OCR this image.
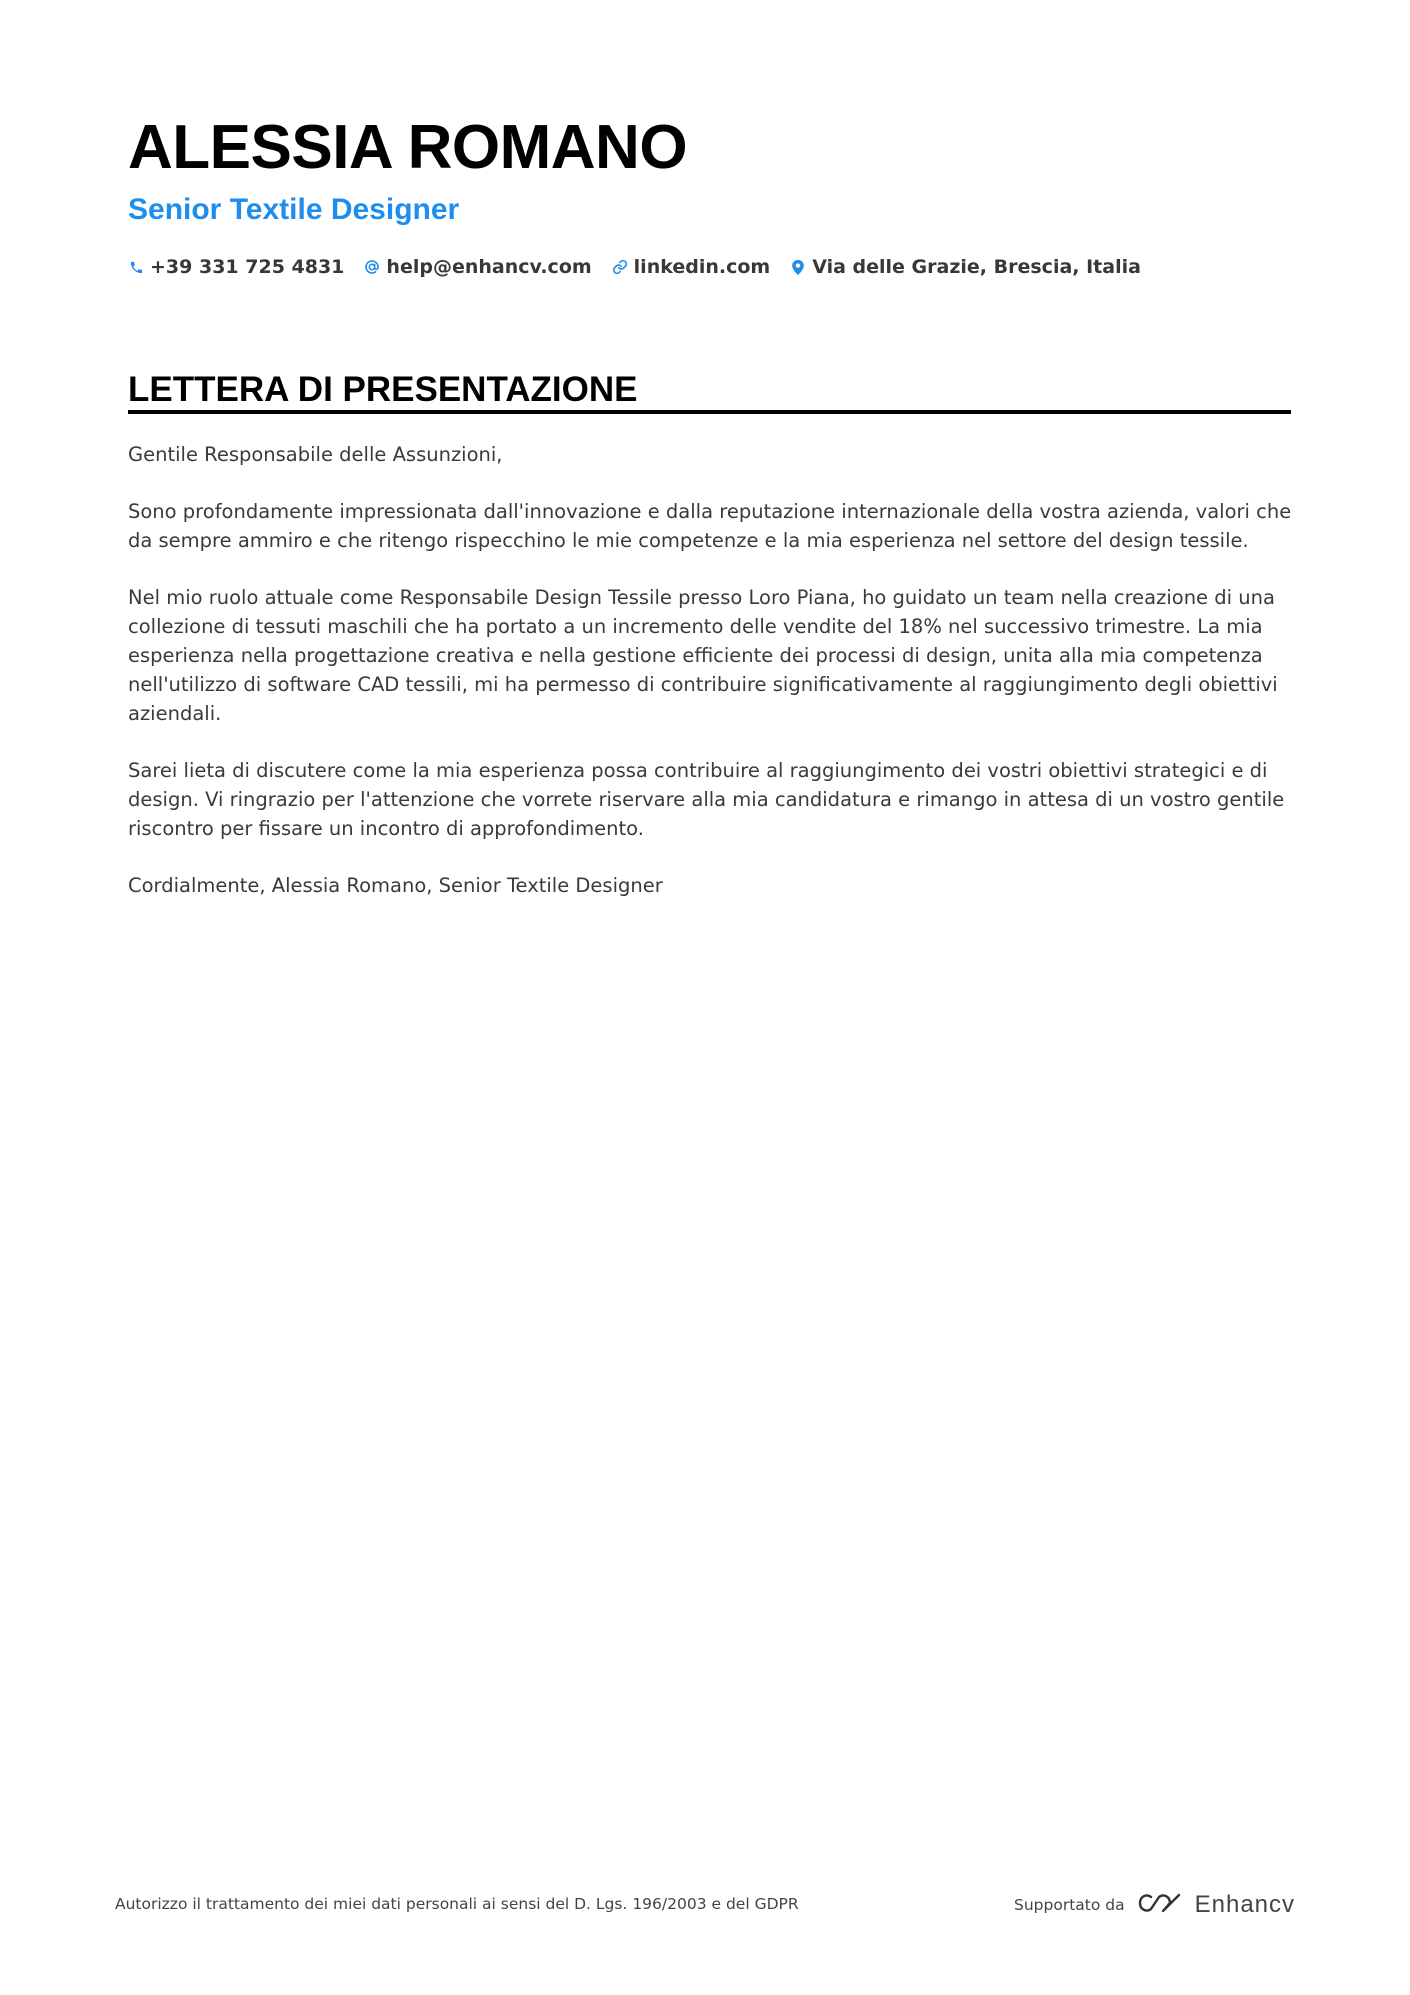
ALESSIA ROMANO
Senior Textile Designer
+39 331 725 4831 help@enhancv.com linkedin.com Via delle Grazie, Brescia, Italia
LETTERA DI PRESENTAZIONE

Gentile Responsabile delle Assunzioni,

Sono profondamente impressionata dall'innovazione e dalla reputazione internazionale della vostra azienda, valori che da sempre ammiro e che ritengo rispecchino le mie competenze e la mia esperienza nel settore del design tessile.

Nel mio ruolo attuale come Responsabile Design Tessile presso Loro Piana, ho guidato un team nella creazione di una collezione di tessuti maschili che ha portato a un incremento delle vendite del 18% nel successivo trimestre. La mia esperienza nella progettazione creativa e nella gestione efficiente dei processi di design, unita alla mia competenza nell'utilizzo di software CAD tessili, mi ha permesso di contribuire significativamente al raggiungimento degli obiettivi aziendali.

Sarei lieta di discutere come la mia esperienza possa contribuire al raggiungimento dei vostri obiettivi strategici e di design. Vi ringrazio per l'attenzione che vorrete riservare alla mia candidatura e rimango in attesa di un vostro gentile riscontro per fissare un incontro di approfondimento.

Cordialmente, Alessia Romano, Senior Textile Designer

Autorizzo il trattamento dei miei dati personali ai sensi del D. Lgs. 196/2003 e del GDPR	Supportato da	Enhancv
